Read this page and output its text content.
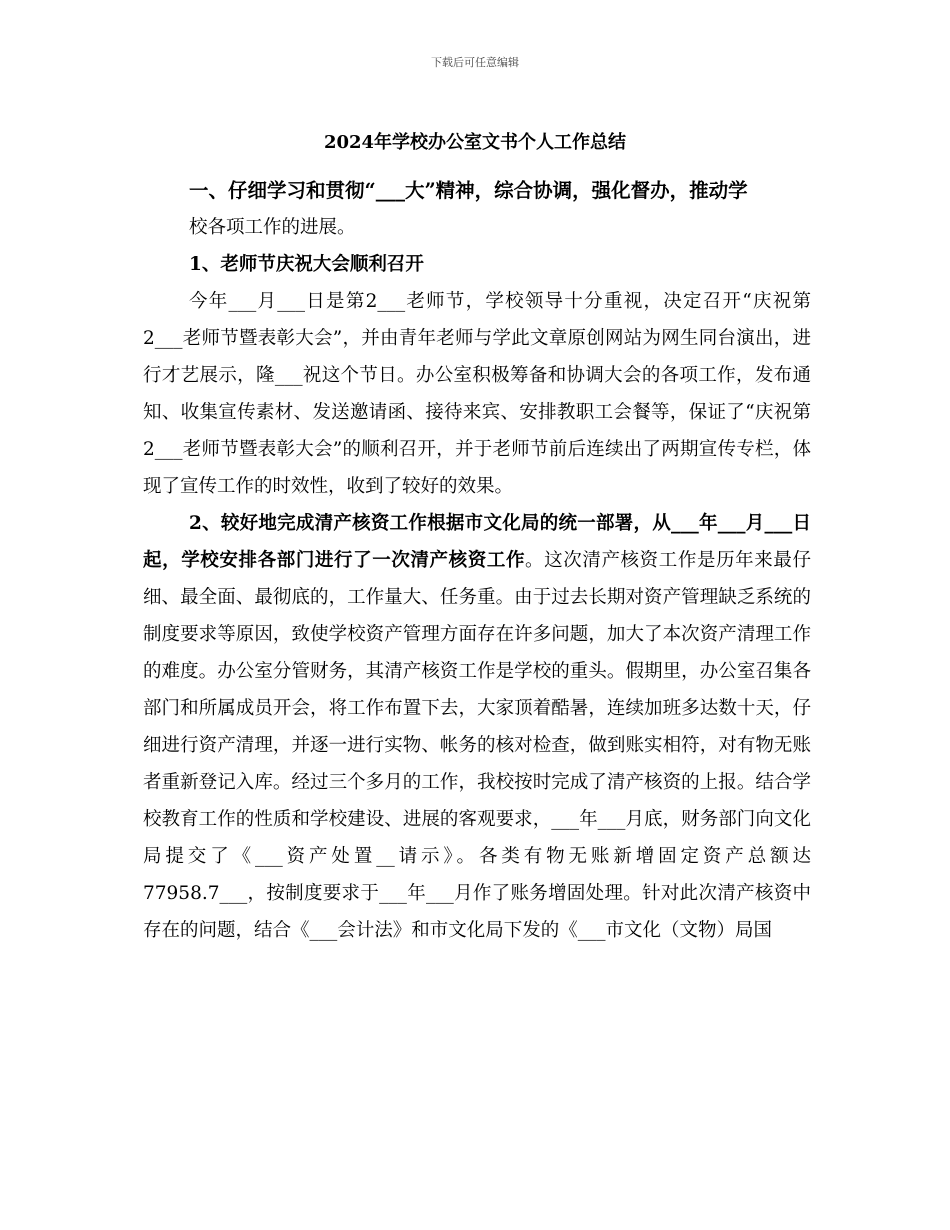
下载后可任意编辑
2024年学校办公室文书个人工作总结

一、仔细学习和贯彻“___大”精神，综合协调，强化督办，推动学

校各项工作的进展。

1、老师节庆祝大会顺利召开

今年___月___日是第2___老师节，学校领导十分重视，决定召开“庆祝第2___老师节暨表彰大会”，并由青年老师与学此文章原创网站为网生同台演出，进行才艺展示，隆___祝这个节日。办公室积极筹备和协调大会的各项工作，发布通知、收集宣传素材、发送邀请函、接待来宾、安排教职工会餐等，保证了“庆祝第2___老师节暨表彰大会”的顺利召开，并于老师节前后连续出了两期宣传专栏，体现了宣传工作的时效性，收到了较好的效果。

2、较好地完成清产核资工作根据市文化局的统一部署，从___年___月___日起，学校安排各部门进行了一次清产核资工作。这次清产核资工作是历年来最仔细、最全面、最彻底的，工作量大、任务重。由于过去长期对资产管理缺乏系统的制度要求等原因，致使学校资产管理方面存在许多问题，加大了本次资产清理工作的难度。办公室分管财务，其清产核资工作是学校的重头。假期里，办公室召集各部门和所属成员开会，将工作布置下去，大家顶着酷暑，连续加班多达数十天，仔细进行资产清理，并逐一进行实物、帐务的核对检查，做到账实相符，对有物无账者重新登记入库。经过三个多月的工作，我校按时完成了清产核资的上报。结合学校教育工作的性质和学校建设、进展的客观要求，___年___月底，财务部门向文化局提交了《___资产处置__请示》。各类有物无账新增固定资产总额达77958.7___，按制度要求于___年___月作了账务增固处理。针对此次清产核资中存在的问题，结合《___会计法》和市文化局下发的《___市文化（文物）局国
